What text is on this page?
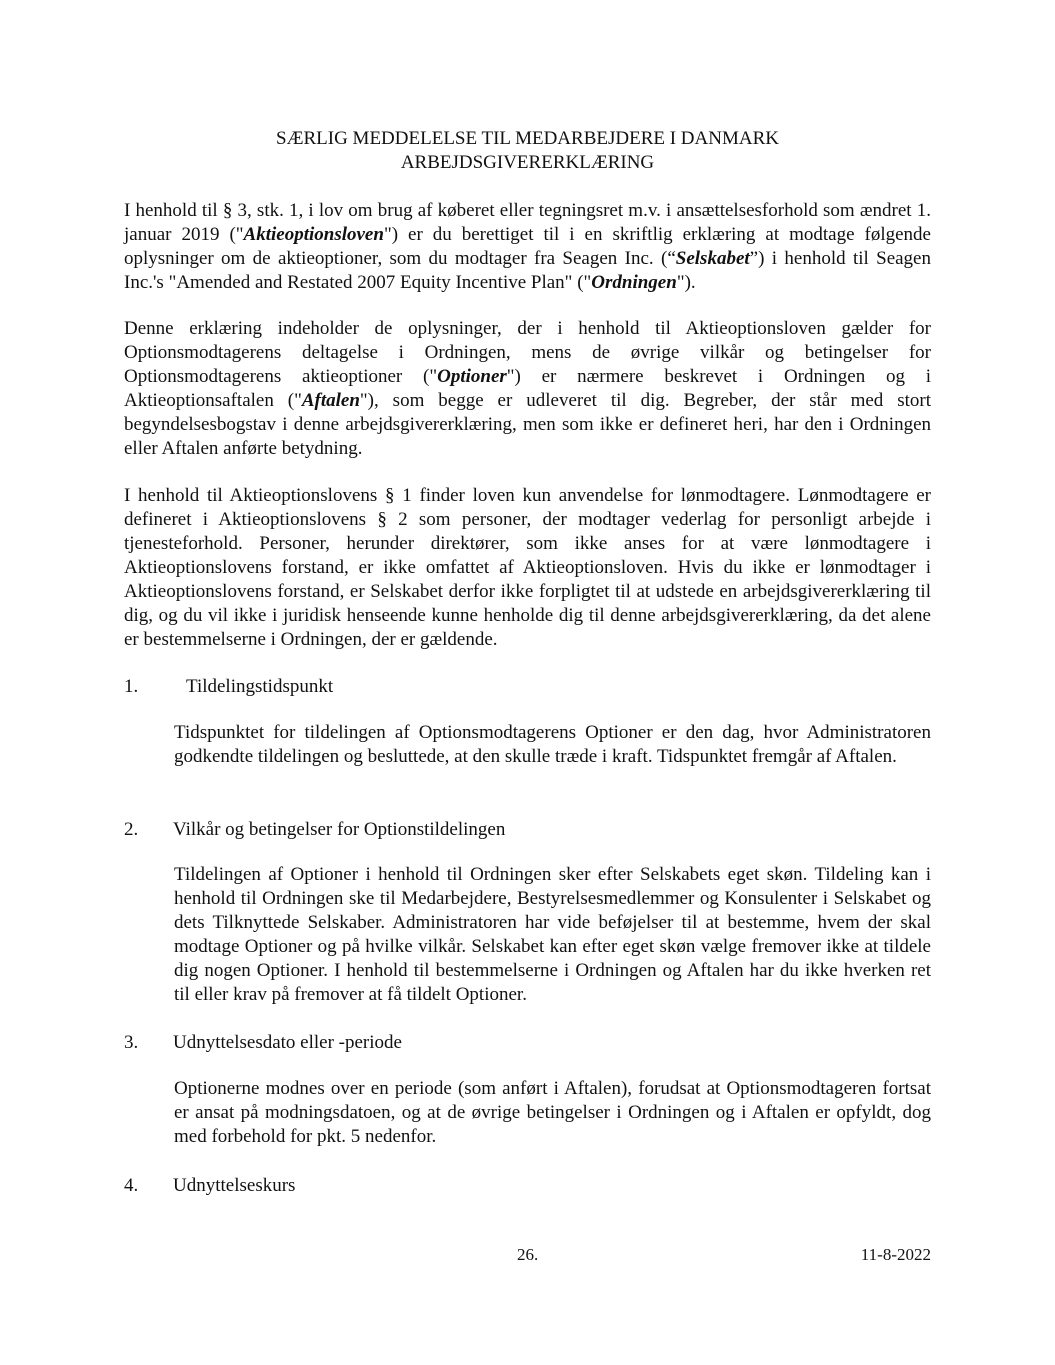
SÆRLIG MEDDELELSE TIL MEDARBEJDERE I DANMARK
ARBEJDSGIVERERKLÆRING

I henhold til § 3, stk. 1, i lov om brug af køberet eller tegningsret m.v. i ansættelsesforhold som ændret 1. januar 2019 ("Aktieoptionsloven") er du berettiget til i en skriftlig erklæring at modtage følgende oplysninger om de aktieoptioner, som du modtager fra Seagen Inc. (“Selskabet”) i henhold til Seagen Inc.'s "Amended and Restated 2007 Equity Incentive Plan" ("Ordningen").

Denne erklæring indeholder de oplysninger, der i henhold til Aktieoptionsloven gælder for Optionsmodtagerens deltagelse i Ordningen, mens de øvrige vilkår og betingelser for Optionsmodtagerens aktieoptioner ("Optioner") er nærmere beskrevet i Ordningen og i Aktieoptionsaftalen ("Aftalen"), som begge er udleveret til dig. Begreber, der står med stort begyndelsesbogstav i denne arbejdsgivererklæring, men som ikke er defineret heri, har den i Ordningen eller Aftalen anførte betydning.

I henhold til Aktieoptionslovens § 1 finder loven kun anvendelse for lønmodtagere. Lønmodtagere er defineret i Aktieoptionslovens § 2 som personer, der modtager vederlag for personligt arbejde i tjenesteforhold. Personer, herunder direktører, som ikke anses for at være lønmodtagere i Aktieoptionslovens forstand, er ikke omfattet af Aktieoptionsloven. Hvis du ikke er lønmodtager i Aktieoptionslovens forstand, er Selskabet derfor ikke forpligtet til at udstede en arbejdsgivererklæring til dig, og du vil ikke i juridisk henseende kunne henholde dig til denne arbejdsgivererklæring, da det alene er bestemmelserne i Ordningen, der er gældende.

1.	Tildelingstidspunkt

Tidspunktet for tildelingen af Optionsmodtagerens Optioner er den dag, hvor Administratoren godkendte tildelingen og besluttede, at den skulle træde i kraft. Tidspunktet fremgår af Aftalen.

2. Vilkår og betingelser for Optionstildelingen

Tildelingen af Optioner i henhold til Ordningen sker efter Selskabets eget skøn. Tildeling kan i henhold til Ordningen ske til Medarbejdere, Bestyrelsesmedlemmer og Konsulenter i Selskabet og dets Tilknyttede Selskaber. Administratoren har vide beføjelser til at bestemme, hvem der skal modtage Optioner og på hvilke vilkår. Selskabet kan efter eget skøn vælge fremover ikke at tildele dig nogen Optioner. I henhold til bestemmelserne i Ordningen og Aftalen har du ikke hverken ret til eller krav på fremover at få tildelt Optioner.

3. Udnyttelsesdato eller -periode

Optionerne modnes over en periode (som anført i Aftalen), forudsat at Optionsmodtageren fortsat er ansat på modningsdatoen, og at de øvrige betingelser i Ordningen og i Aftalen er opfyldt, dog med forbehold for pkt. 5 nedenfor.

4. Udnyttelseskurs
26.	11-8-2022
